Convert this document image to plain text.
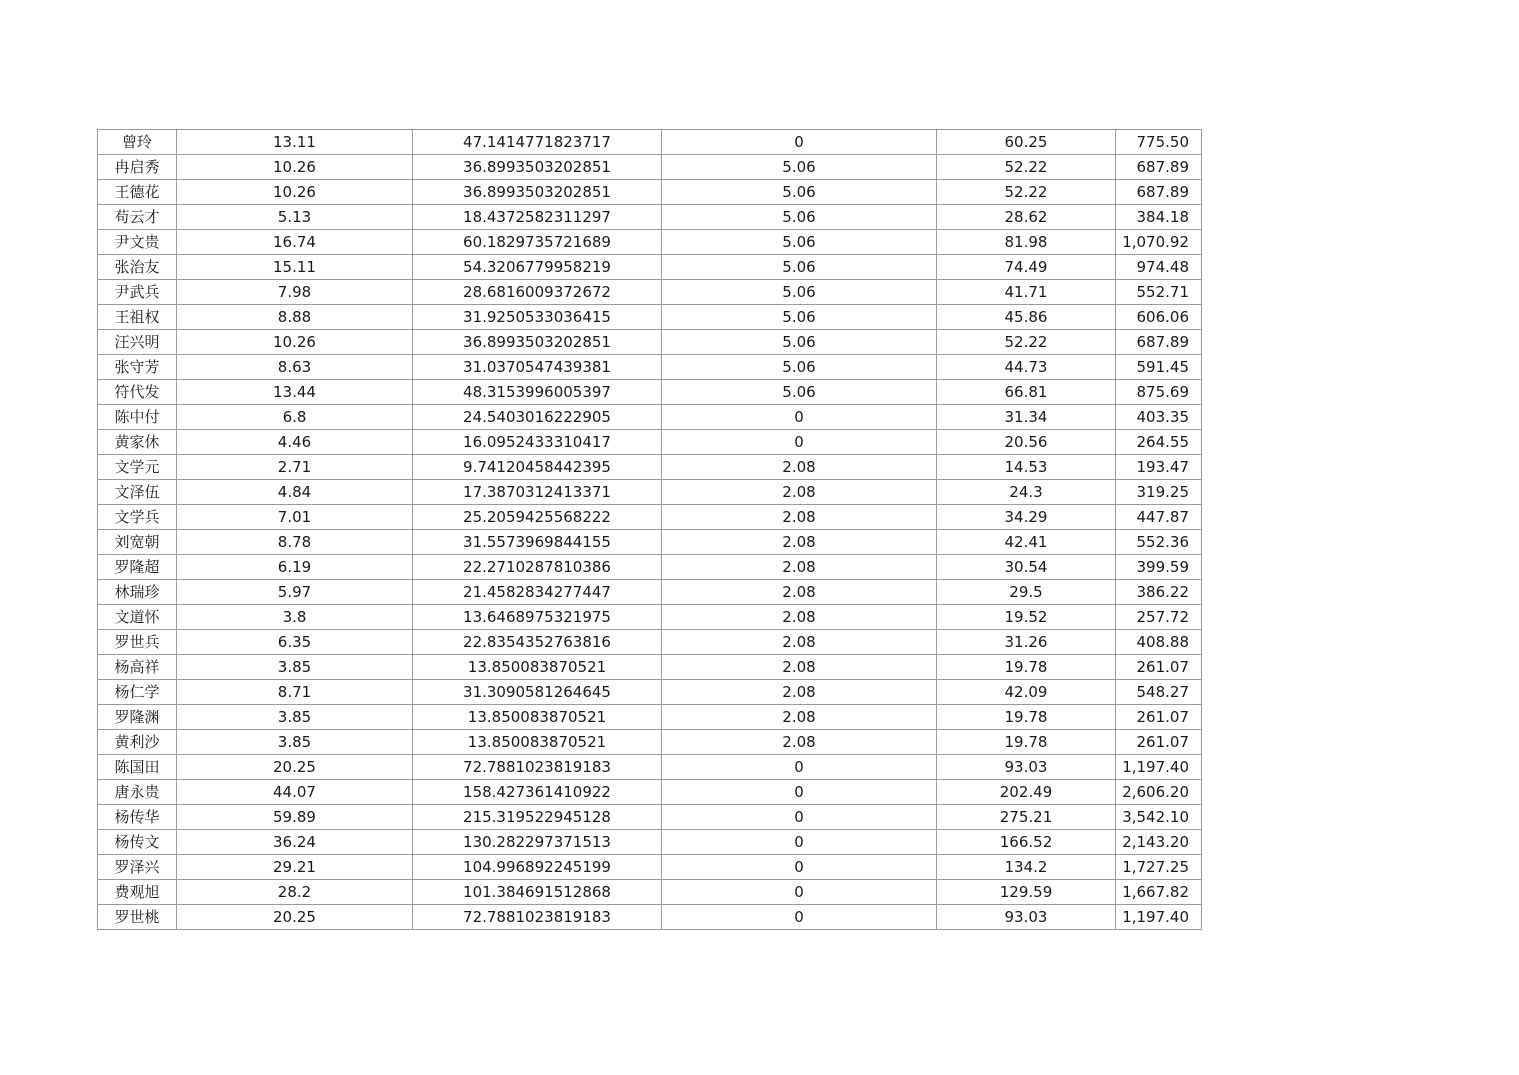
曾玲	13.11	47.1414771823717	0	60.25	775.50
冉启秀	10.26	36.8993503202851	5.06	52.22	687.89
王德花	10.26	36.8993503202851	5.06	52.22	687.89
苟云才	5.13	18.4372582311297	5.06	28.62	384.18
尹文贵	16.74	60.1829735721689	5.06	81.98	1,070.92
张治友	15.11	54.3206779958219	5.06	74.49	974.48
尹武兵	7.98	28.6816009372672	5.06	41.71	552.71
王祖权	8.88	31.9250533036415	5.06	45.86	606.06
汪兴明	10.26	36.8993503202851	5.06	52.22	687.89
张守芳	8.63	31.0370547439381	5.06	44.73	591.45
符代发	13.44	48.3153996005397	5.06	66.81	875.69
陈中付	6.8	24.5403016222905	0	31.34	403.35
黄家休	4.46	16.0952433310417	0	20.56	264.55
文学元	2.71	9.74120458442395	2.08	14.53	193.47
文泽伍	4.84	17.3870312413371	2.08	24.3	319.25
文学兵	7.01	25.2059425568222	2.08	34.29	447.87
刘宽朝	8.78	31.5573969844155	2.08	42.41	552.36
罗隆超	6.19	22.2710287810386	2.08	30.54	399.59
林瑞珍	5.97	21.4582834277447	2.08	29.5	386.22
文道怀	3.8	13.6468975321975	2.08	19.52	257.72
罗世兵	6.35	22.8354352763816	2.08	31.26	408.88
杨高祥	3.85	13.850083870521	2.08	19.78	261.07
杨仁学	8.71	31.3090581264645	2.08	42.09	548.27
罗隆渊	3.85	13.850083870521	2.08	19.78	261.07
黄利沙	3.85	13.850083870521	2.08	19.78	261.07
陈国田	20.25	72.7881023819183	0	93.03	1,197.40
唐永贵	44.07	158.427361410922	0	202.49	2,606.20
杨传华	59.89	215.319522945128	0	275.21	3,542.10
杨传文	36.24	130.282297371513	0	166.52	2,143.20
罗泽兴	29.21	104.996892245199	0	134.2	1,727.25
费观旭	28.2	101.384691512868	0	129.59	1,667.82
罗世桃	20.25	72.7881023819183	0	93.03	1,197.40
